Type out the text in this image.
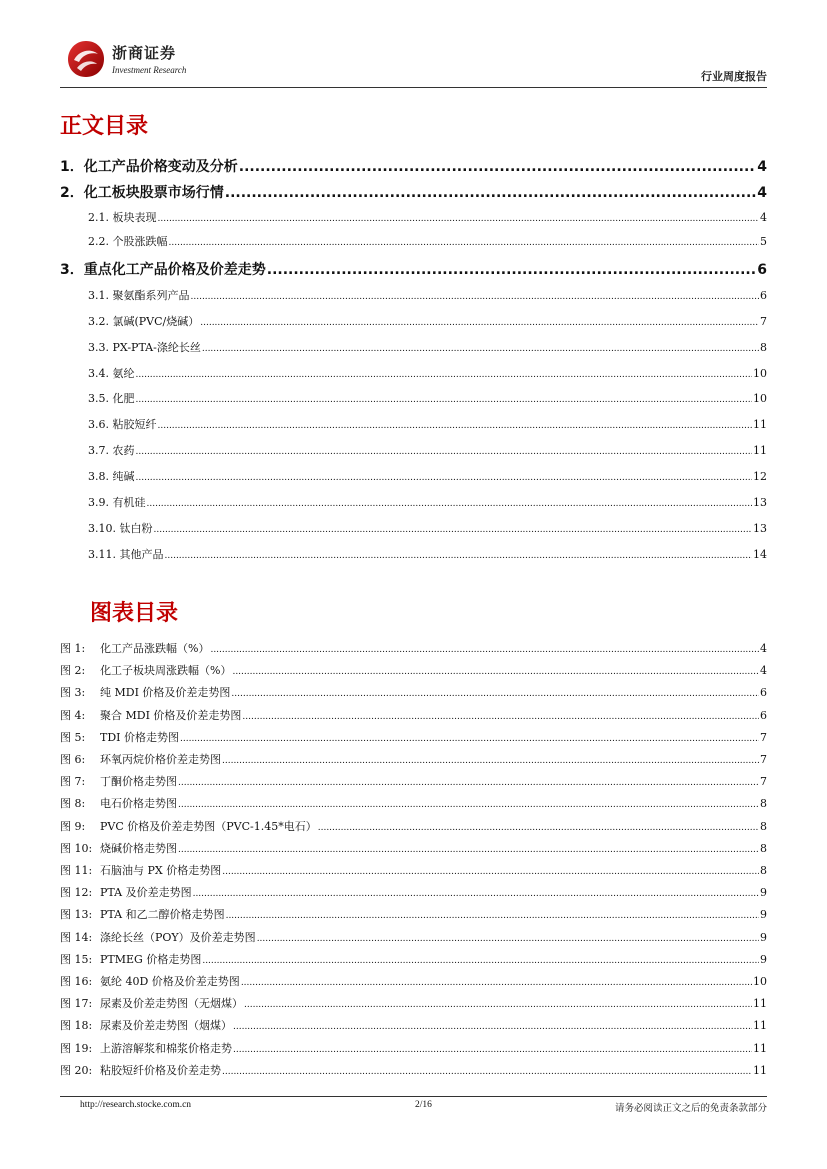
浙商证券
Investment Research	行业周度报告
正文目录
1．化工产品价格变动及分析 .....	4
2．化工板块股票市场行情 .....	4
2.1. 板块表现 .....	4
2.2. 个股涨跌幅 .....	5
3．重点化工产品价格及价差走势 .....	6
3.1. 聚氨酯系列产品 .....	6
3.2. 氯碱(PVC/烧碱） .....	7
3.3. PX-PTA-涤纶长丝 .....	8
3.4. 氨纶 .....	10
3.5. 化肥 .....	10
3.6. 粘胶短纤 .....	11
3.7. 农药 .....	11
3.8. 纯碱 .....	12
3.9. 有机硅 .....	13
3.10. 钛白粉 .....	13
3.11. 其他产品 .....	14
图表目录
图 1:	化工产品涨跌幅（%） .....	4
图 2:	化工子板块周涨跌幅（%） .....	4
图 3:	纯 MDI 价格及价差走势图 .....	6
图 4:	聚合 MDI 价格及价差走势图 .....	6
图 5:	TDI 价格走势图 .....	7
图 6:	环氧丙烷价格价差走势图 .....	7
图 7:	丁酮价格走势图 .....	7
图 8:	电石价格走势图 .....	8
图 9:	PVC 价格及价差走势图（PVC-1.45*电石） .....	8
图 10: 烧碱价格走势图 .....	8
图 11: 石脑油与 PX 价格走势图 .....	8
图 12: PTA 及价差走势图 .....	9
图 13: PTA 和乙二醇价格走势图 .....	9
图 14: 涤纶长丝（POY）及价差走势图 .....	9
图 15: PTMEG 价格走势图 .....	9
图 16: 氨纶 40D 价格及价差走势图 .....	10
图 17: 尿素及价差走势图（无烟煤） .....	11
图 18: 尿素及价差走势图（烟煤） .....	11
图 19: 上游溶解浆和棉浆价格走势 .....	11
图 20: 粘胶短纤价格及价差走势 .....	11
http://research.stocke.com.cn	2/16	请务必阅读正文之后的免责条款部分
